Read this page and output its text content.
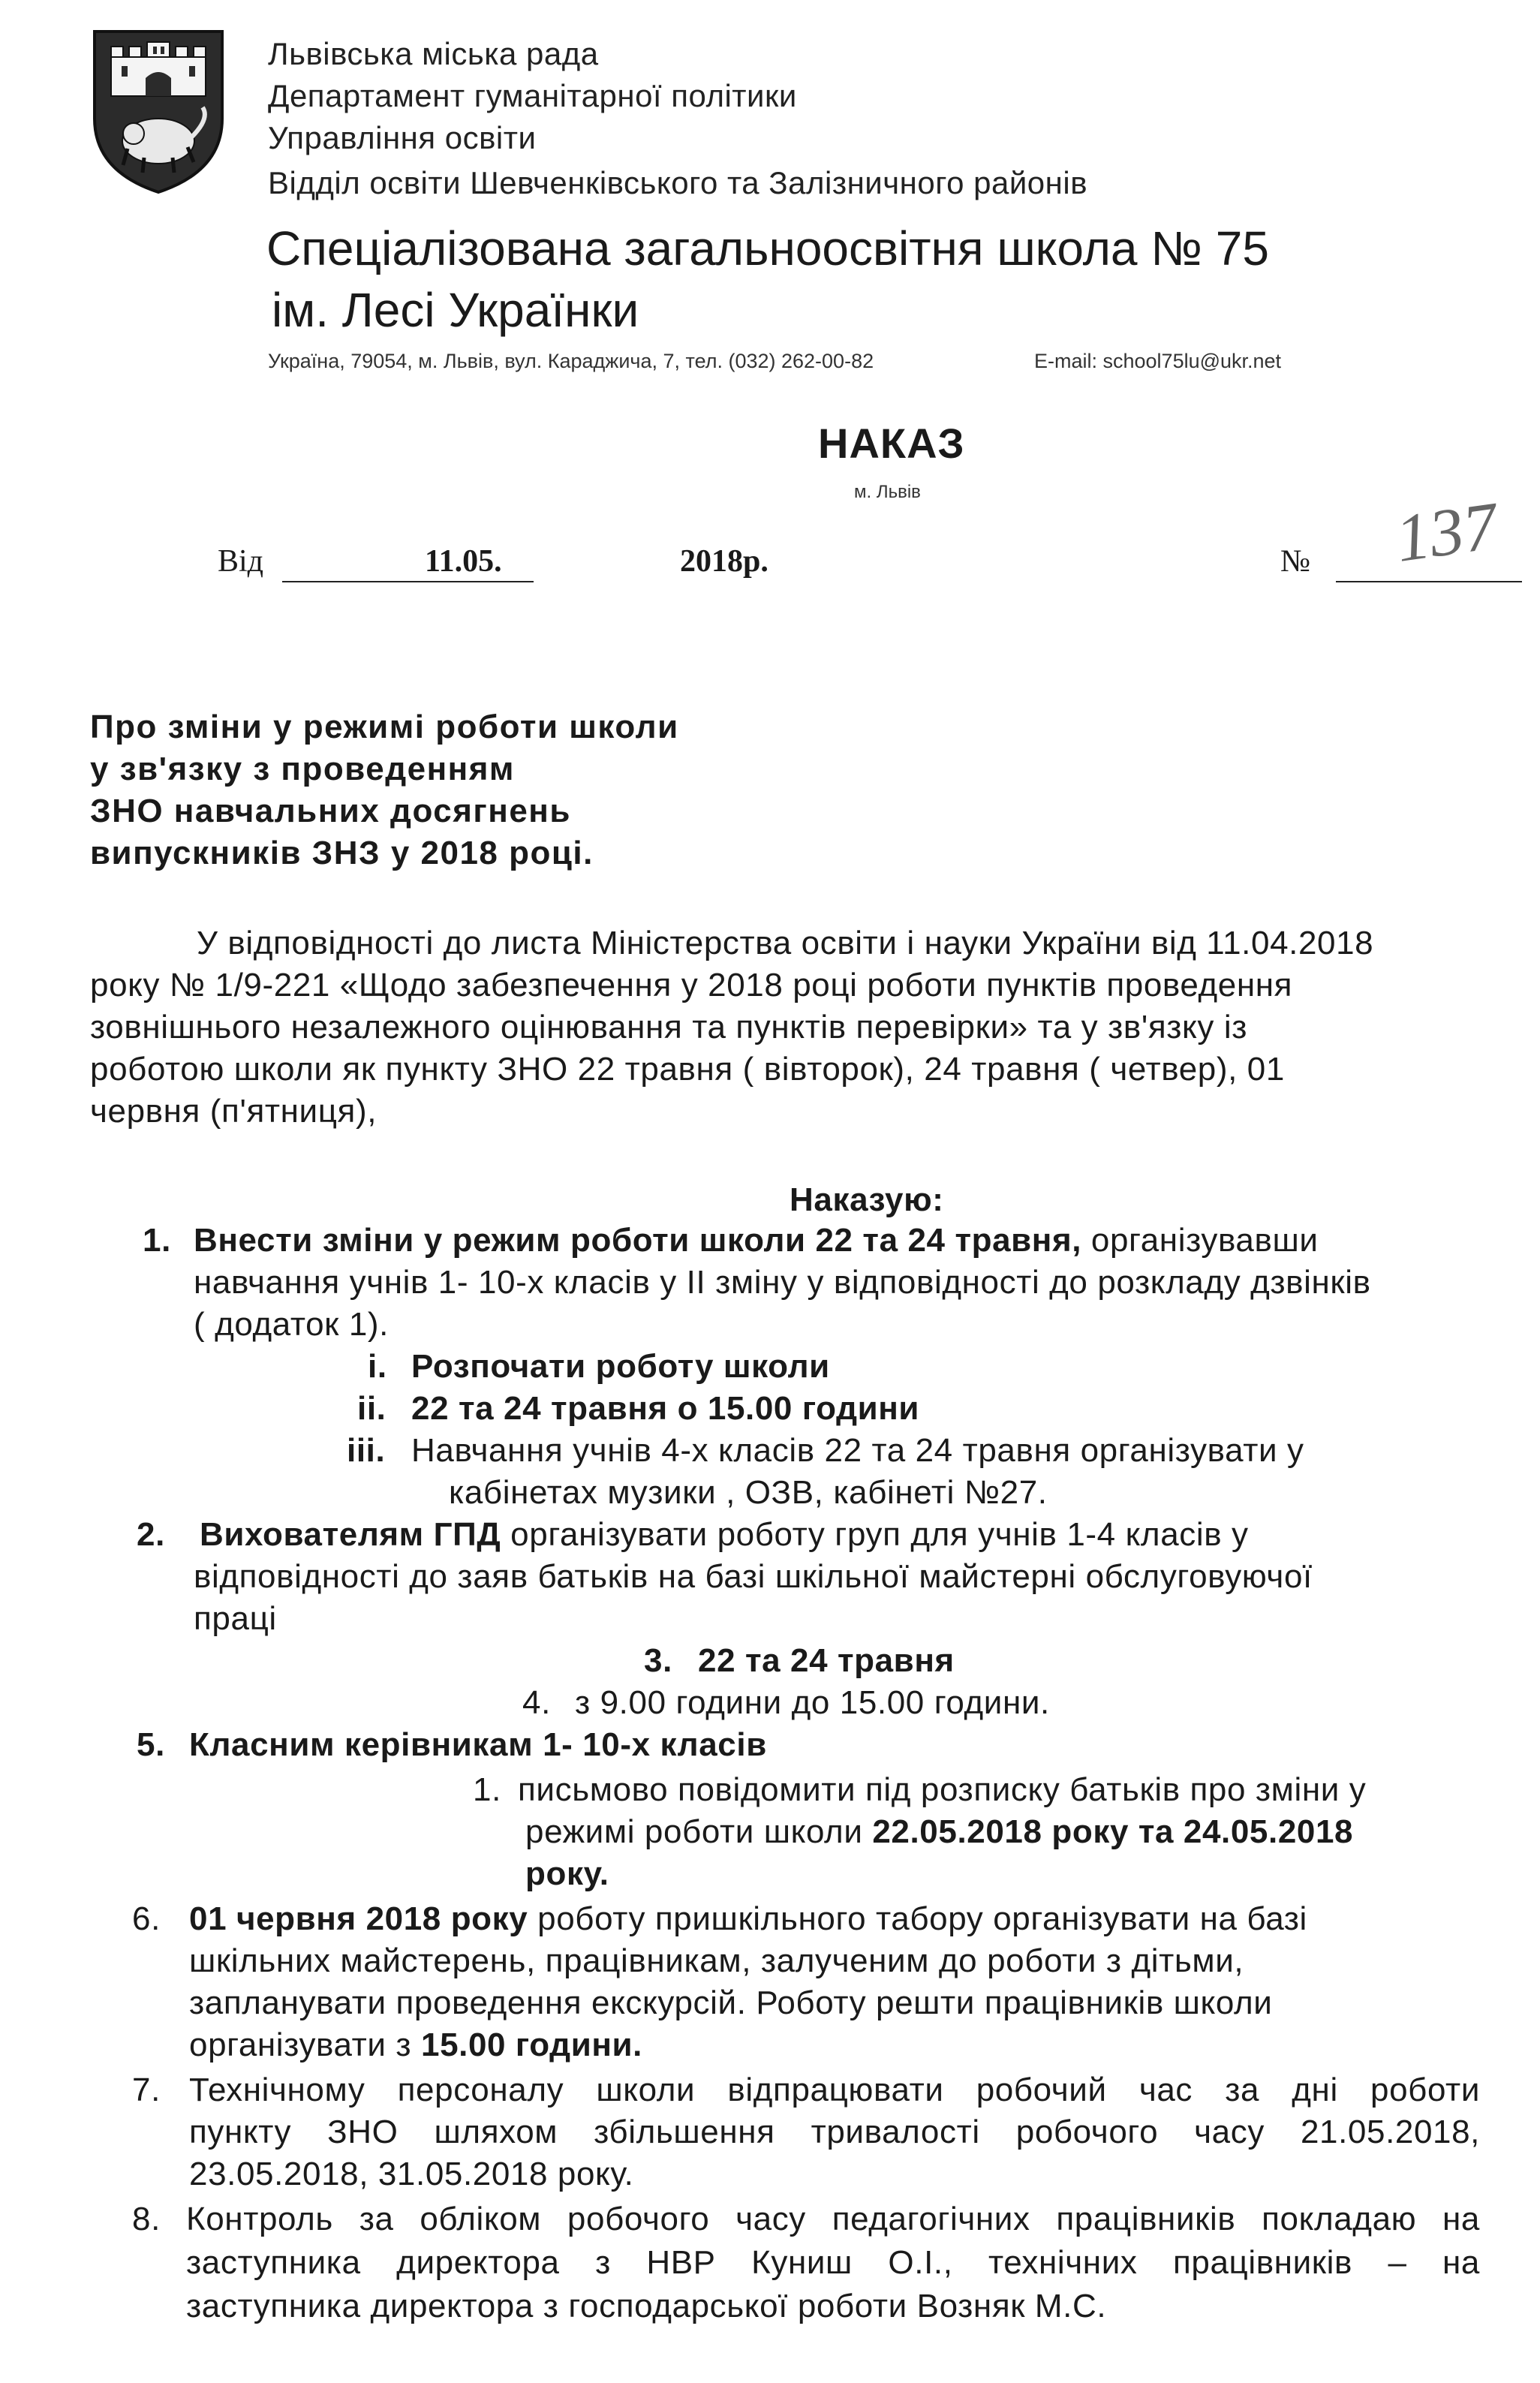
Львівська міська рада
Департамент гуманітарної політики
Управління освіти
Відділ освіти Шевченківського та Залізничного районів
Спеціалізована загальноосвітня школа № 75
ім. Лесі Українки
Україна, 79054, м. Львів, вул. Караджича, 7, тел. (032) 262-00-82	E-mail: school75lu@ukr.net
НАКАЗ
м. Львів
Від	11.05.	2018р.	№ 137
Про зміни у режимі роботи школи
у зв'язку з проведенням
ЗНО навчальних досягнень
випускників ЗНЗ у 2018 році.
У відповідності до листа Міністерства освіти і науки України від 11.04.2018
року № 1/9-221 «Щодо забезпечення у 2018 році роботи пунктів проведення
зовнішнього незалежного оцінювання та пунктів перевірки» та у зв'язку із
роботою школи як пункту ЗНО 22 травня ( вівторок), 24 травня ( четвер), 01
червня (п'ятниця),
Наказую:
1. Внести зміни у режим роботи школи 22 та 24 травня, організувавши
навчання учнів 1- 10-х класів у ІІ зміну у відповідності до розкладу дзвінків
( додаток 1).
i. Розпочати роботу школи
ii. 22 та 24 травня о 15.00 години
iii. Навчання учнів 4-х класів 22 та 24 травня організувати у
кабінетах музики , ОЗВ, кабінеті №27.
2. Вихователям ГПД організувати роботу груп для учнів 1-4 класів у
відповідності до заяв батьків на базі шкільної майстерні обслуговуючої
праці
3. 22 та 24 травня
4. з 9.00 години до 15.00 години.
5. Класним керівникам 1- 10-х класів
1. письмово повідомити під розписку батьків про зміни у
режимі роботи школи 22.05.2018 року та 24.05.2018
року.
6. 01 червня 2018 року роботу пришкільного табору організувати на базі
шкільних майстерень, працівникам, залученим до роботи з дітьми,
запланувати проведення екскурсій. Роботу решти працівників школи
організувати з 15.00 години.
7. Технічному персоналу школи відпрацювати робочий час за дні роботи
пункту ЗНО шляхом збільшення тривалості робочого часу 21.05.2018,
23.05.2018, 31.05.2018 року.
8. Контроль за обліком робочого часу педагогічних працівників покладаю на
заступника директора з НВР Куниш О.І., технічних працівників – на
заступника директора з господарської роботи Возняк М.С.
